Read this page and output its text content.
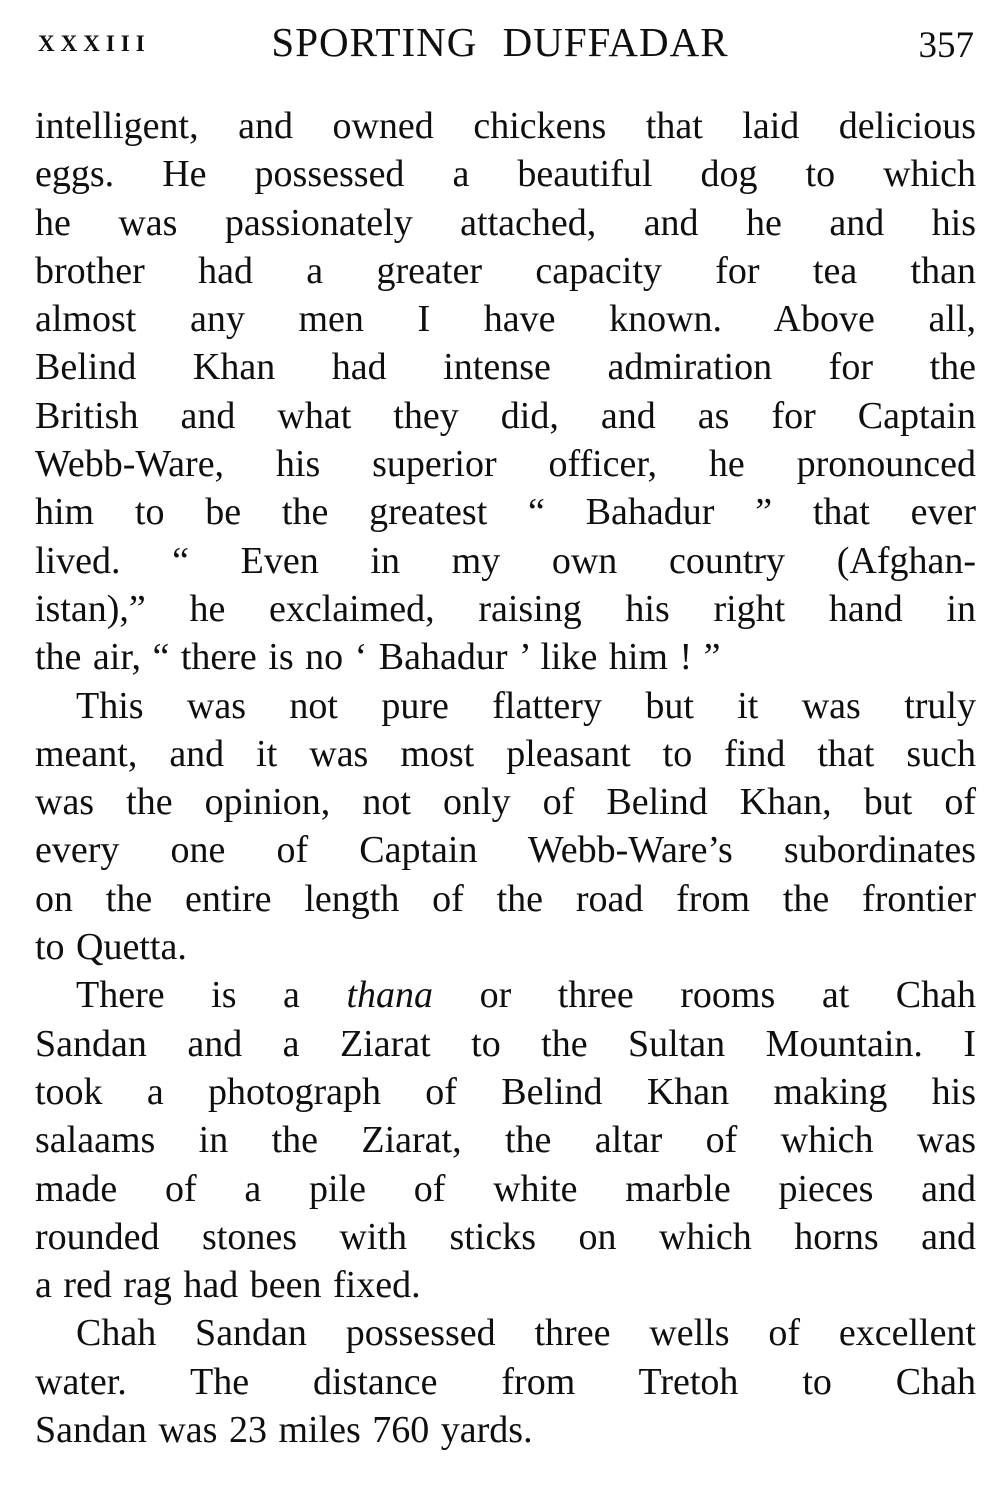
XXXIII	SPORTING DUFFADAR	357
intelligent, and owned chickens that laid delicious
eggs. He possessed a beautiful dog to which
he was passionately attached, and he and his
brother had a greater capacity for tea than
almost any men I have known. Above all,
Belind Khan had intense admiration for the
British and what they did, and as for Captain
Webb-Ware, his superior officer, he pronounced
him to be the greatest “ Bahadur ” that ever
lived. “ Even in my own country (Afghan-
istan),” he exclaimed, raising his right hand in
the air, “ there is no ‘ Bahadur ’ like him ! ”
This was not pure flattery but it was truly
meant, and it was most pleasant to find that such
was the opinion, not only of Belind Khan, but of
every one of Captain Webb-Ware’s subordinates
on the entire length of the road from the frontier
to Quetta.
There is a thana or three rooms at Chah
Sandan and a Ziarat to the Sultan Mountain. I
took a photograph of Belind Khan making his
salaams in the Ziarat, the altar of which was
made of a pile of white marble pieces and
rounded stones with sticks on which horns and
a red rag had been fixed.
Chah Sandan possessed three wells of excellent
water. The distance from Tretoh to Chah
Sandan was 23 miles 760 yards.
